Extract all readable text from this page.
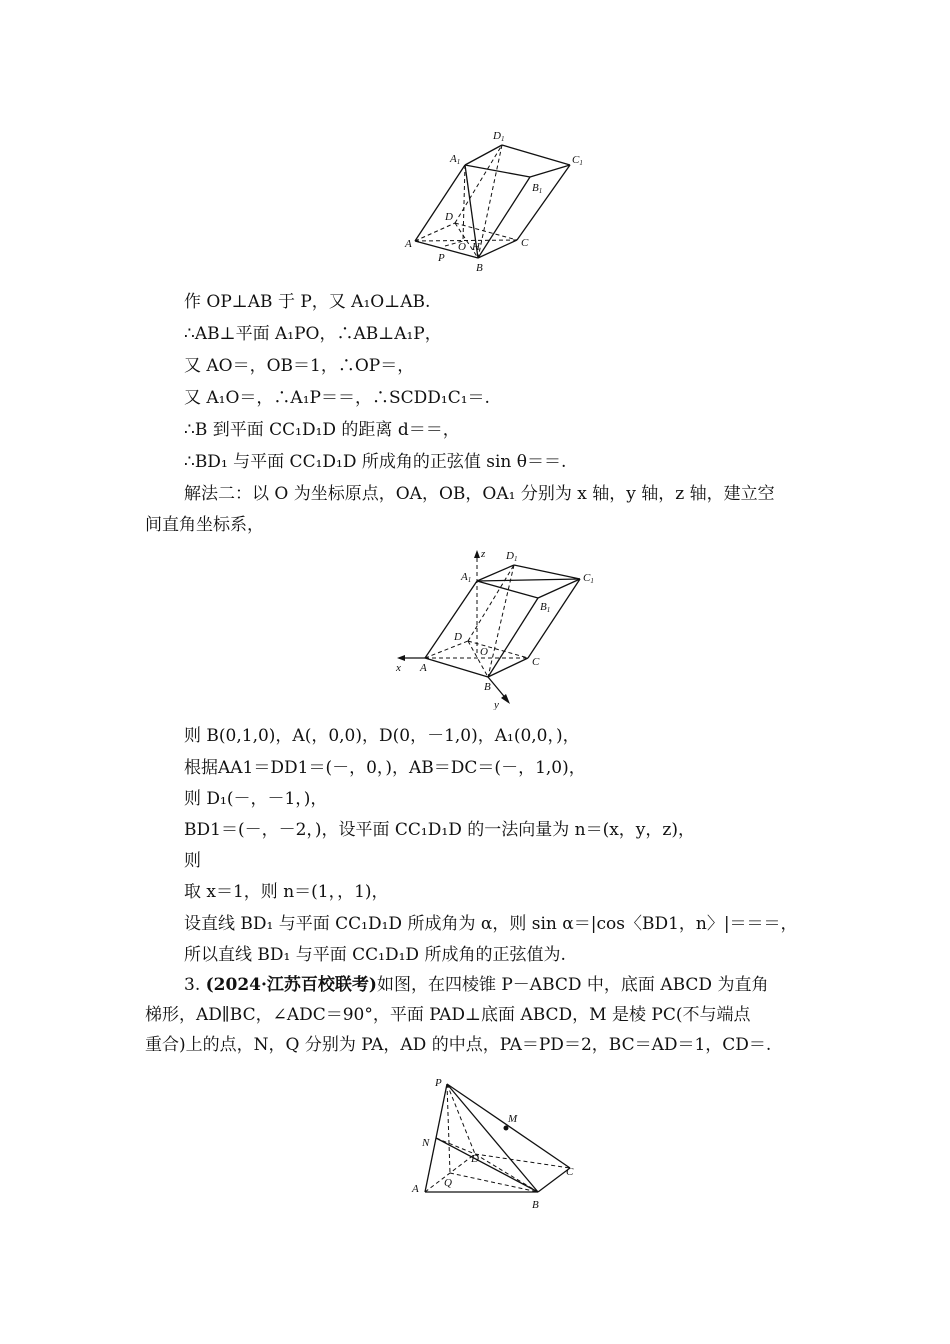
D1
A1	C1
B1
D
O H
A
P
B
C
作 OP⊥AB 于 P，又 A₁O⊥AB.
∴AB⊥平面 A₁PO，∴AB⊥A₁P，
又 AO＝，OB＝1，∴OP＝，
又 A₁O＝，∴A₁P＝＝，∴SCDD₁C₁＝.
∴B 到平面 CC₁D₁D 的距离 d＝＝，
∴BD₁ 与平面 CC₁D₁D 所成角的正弦值 sin θ＝＝.
解法二：以 O 为坐标原点，OA，OB，OA₁ 分别为 x 轴，y 轴，z 轴，建立空
间直角坐标系，
z D1
A1	C1
B1
D
O
A	C
B
x
y
则 B(0,1,0)，A(，0,0)，D(0，－1,0)，A₁(0,0，)，
根据AA1＝DD1＝(－，0，)，AB＝DC＝(－，1,0)，
则 D₁(－，－1，)，
BD1＝(－，－2，)，设平面 CC₁D₁D 的一法向量为 n＝(x，y，z)，
则
取 x＝1，则 n＝(1，，1)，
设直线 BD₁ 与平面 CC₁D₁D 所成角为 α，则 sin α＝|cos〈BD1，n〉|＝＝＝，
所以直线 BD₁ 与平面 CC₁D₁D 所成角的正弦值为.
3. (2024·江苏百校联考)如图，在四棱锥 P－ABCD 中，底面 ABCD 为直角
梯形，AD∥BC，∠ADC＝90°，平面 PAD⊥底面 ABCD，M 是棱 PC(不与端点
重合)上的点，N，Q 分别为 PA，AD 的中点，PA＝PD＝2，BC＝AD＝1，CD＝.
P
M
N
D
C
A Q
B
